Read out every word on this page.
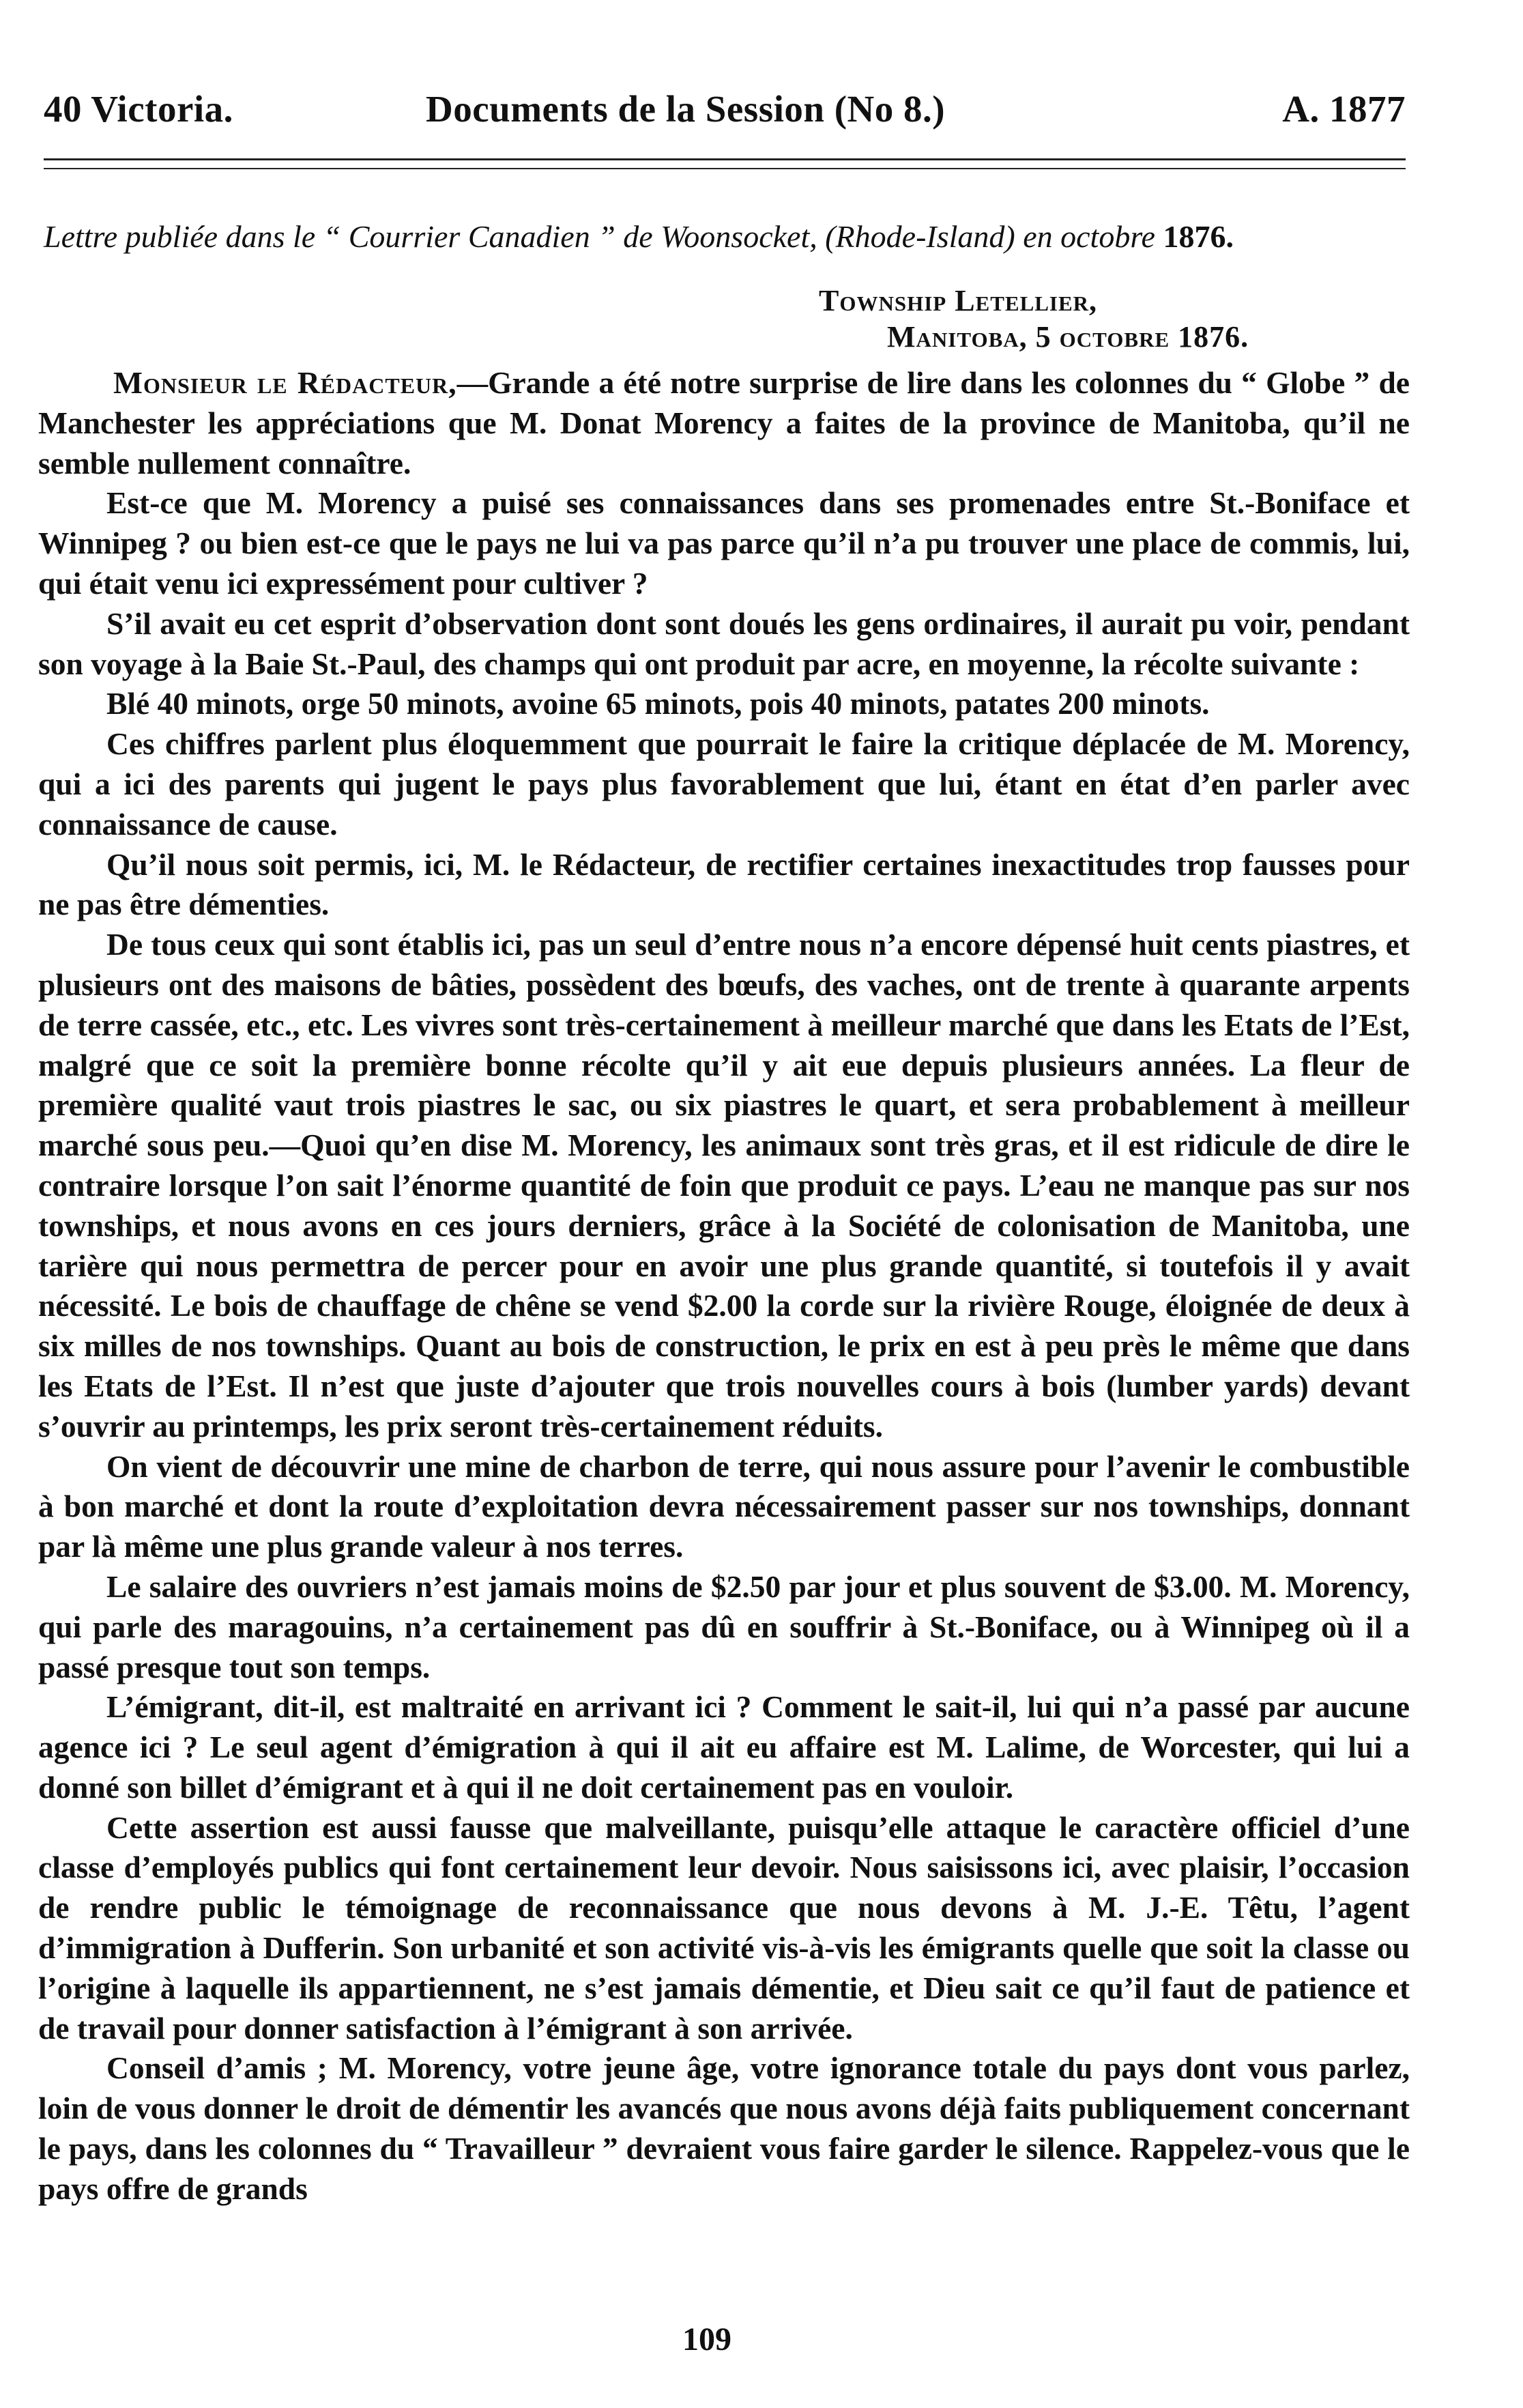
40 Victoria.	Documents de la Session (No 8.)	A. 1877
Lettre publiée dans le “ Courrier Canadien ” de Woonsocket, (Rhode-Island) en octobre 1876.
Township Letellier,
Manitoba, 5 octobre 1876.

Monsieur le Rédacteur,—Grande a été notre surprise de lire dans les colonnes du “ Globe ” de Manchester les appréciations que M. Donat Morency a faites de la province de Manitoba, qu’il ne semble nullement connaître.

Est-ce que M. Morency a puisé ses connaissances dans ses promenades entre St.-Boniface et Winnipeg ? ou bien est-ce que le pays ne lui va pas parce qu’il n’a pu trouver une place de commis, lui, qui était venu ici expressément pour cultiver ?

S’il avait eu cet esprit d’observation dont sont doués les gens ordinaires, il aurait pu voir, pendant son voyage à la Baie St.-Paul, des champs qui ont produit par acre, en moyenne, la récolte suivante :

Blé 40 minots, orge 50 minots, avoine 65 minots, pois 40 minots, patates 200 minots.

Ces chiffres parlent plus éloquemment que pourrait le faire la critique déplacée de M. Morency, qui a ici des parents qui jugent le pays plus favorablement que lui, étant en état d’en parler avec connaissance de cause.

Qu’il nous soit permis, ici, M. le Rédacteur, de rectifier certaines inexactitudes trop fausses pour ne pas être démenties.

De tous ceux qui sont établis ici, pas un seul d’entre nous n’a encore dépensé huit cents piastres, et plusieurs ont des maisons de bâties, possèdent des bœufs, des vaches, ont de trente à quarante arpents de terre cassée, etc., etc. Les vivres sont très-certainement à meilleur marché que dans les Etats de l’Est, malgré que ce soit la première bonne récolte qu’il y ait eue depuis plusieurs années. La fleur de première qualité vaut trois piastres le sac, ou six piastres le quart, et sera probablement à meilleur marché sous peu.—Quoi qu’en dise M. Morency, les animaux sont très gras, et il est ridicule de dire le contraire lorsque l’on sait l’énorme quantité de foin que produit ce pays. L’eau ne manque pas sur nos townships, et nous avons en ces jours derniers, grâce à la Société de colonisation de Manitoba, une tarière qui nous permettra de percer pour en avoir une plus grande quantité, si toutefois il y avait nécessité. Le bois de chauffage de chêne se vend $2.00 la corde sur la rivière Rouge, éloignée de deux à six milles de nos townships. Quant au bois de construction, le prix en est à peu près le même que dans les Etats de l’Est. Il n’est que juste d’ajouter que trois nouvelles cours à bois (lumber yards) devant s’ouvrir au printemps, les prix seront très-certainement réduits.

On vient de découvrir une mine de charbon de terre, qui nous assure pour l’avenir le combustible à bon marché et dont la route d’exploitation devra nécessairement passer sur nos townships, donnant par là même une plus grande valeur à nos terres.

Le salaire des ouvriers n’est jamais moins de $2.50 par jour et plus souvent de $3.00. M. Morency, qui parle des maragouins, n’a certainement pas dû en souffrir à St.-Boniface, ou à Winnipeg où il a passé presque tout son temps.

L’émigrant, dit-il, est maltraité en arrivant ici ? Comment le sait-il, lui qui n’a passé par aucune agence ici ? Le seul agent d’émigration à qui il ait eu affaire est M. Lalime, de Worcester, qui lui a donné son billet d’émigrant et à qui il ne doit certainement pas en vouloir.

Cette assertion est aussi fausse que malveillante, puisqu’elle attaque le caractère officiel d’une classe d’employés publics qui font certainement leur devoir. Nous saisissons ici, avec plaisir, l’occasion de rendre public le témoignage de reconnaissance que nous devons à M. J.-E. Têtu, l’agent d’immigration à Dufferin. Son urbanité et son activité vis-à-vis les émigrants quelle que soit la classe ou l’origine à laquelle ils appartiennent, ne s’est jamais démentie, et Dieu sait ce qu’il faut de patience et de travail pour donner satisfaction à l’émigrant à son arrivée.

Conseil d’amis ; M. Morency, votre jeune âge, votre ignorance totale du pays dont vous parlez, loin de vous donner le droit de démentir les avancés que nous avons déjà faits publiquement concernant le pays, dans les colonnes du “ Travailleur ” devraient vous faire garder le silence. Rappelez-vous que le pays offre de grands

109
